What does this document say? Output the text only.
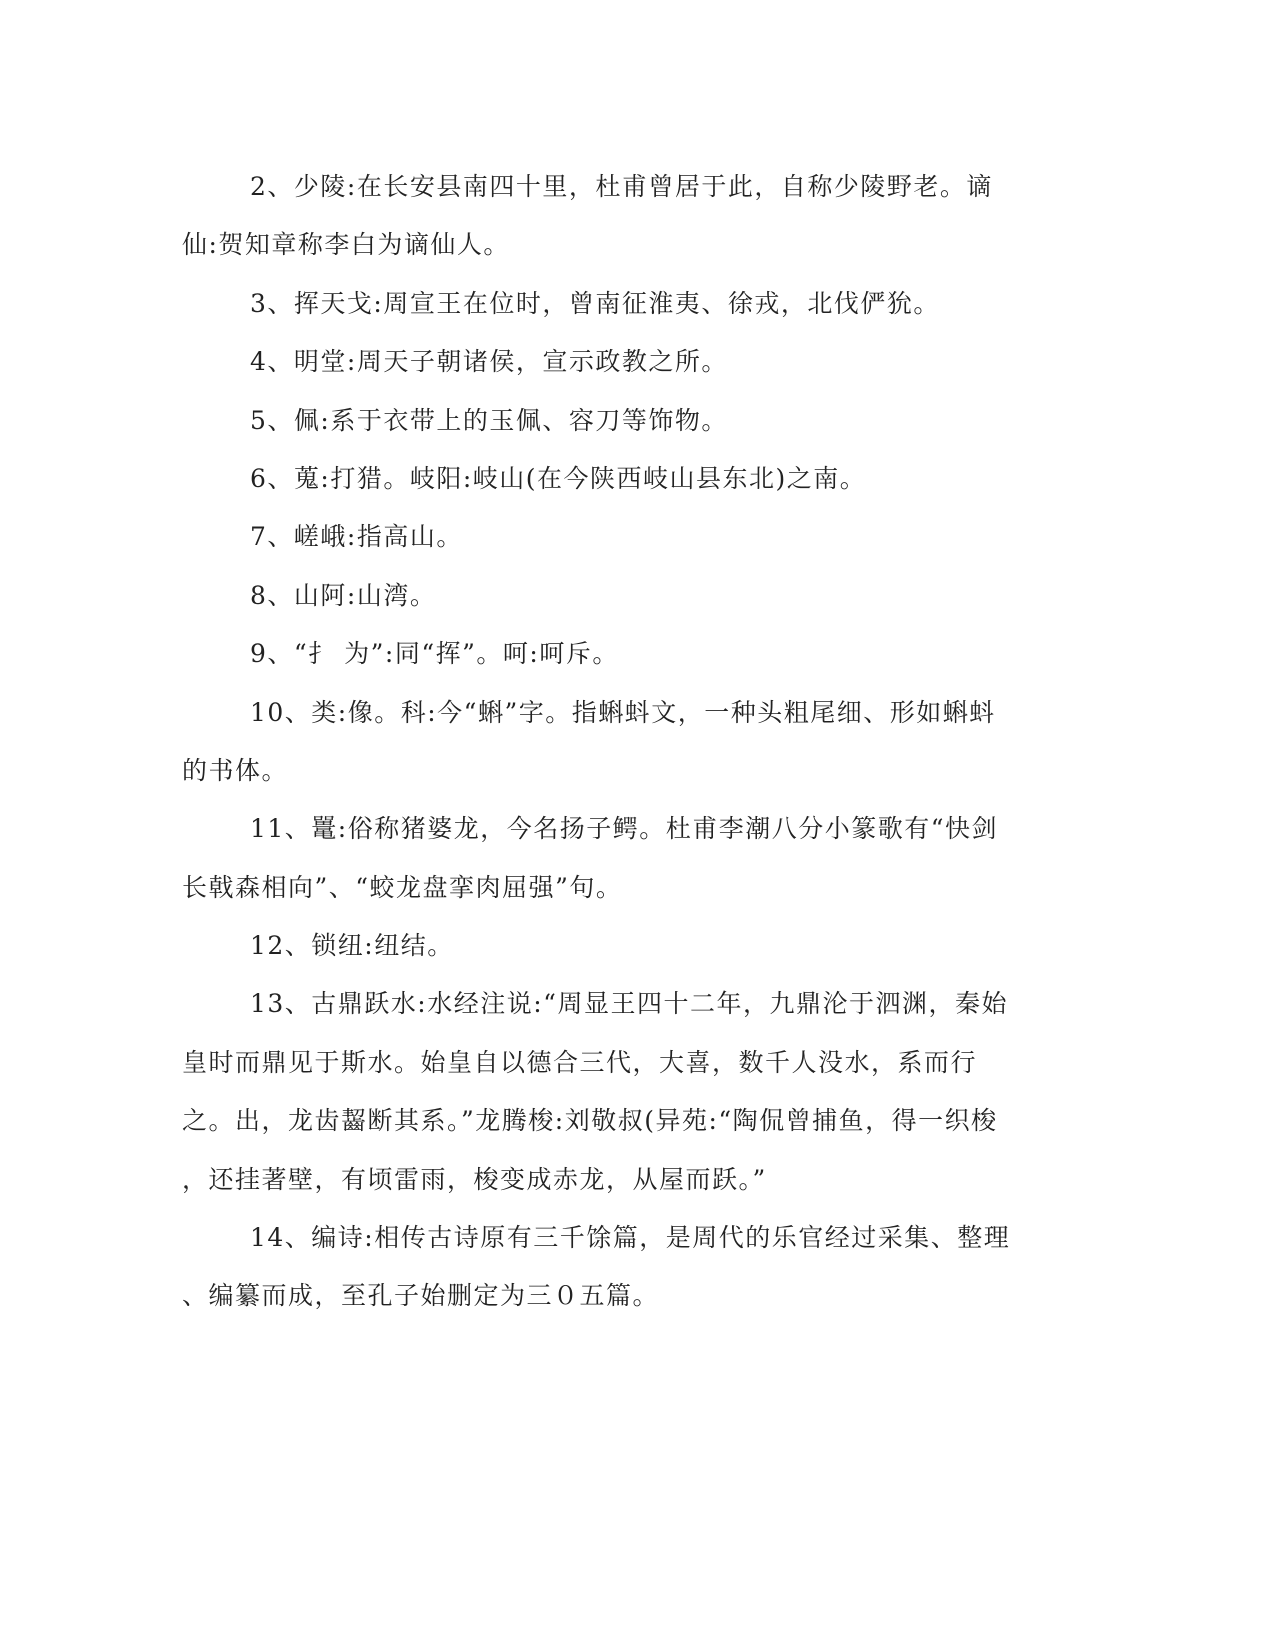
2、少陵:在长安县南四十里，杜甫曾居于此，自称少陵野老。谪
仙:贺知章称李白为谪仙人。
3、挥天戈:周宣王在位时，曾南征淮夷、徐戎，北伐俨狁。
4、明堂:周天子朝诸侯，宣示政教之所。
5、佩:系于衣带上的玉佩、容刀等饰物。
6、蒐:打猎。岐阳:岐山(在今陕西岐山县东北)之南。
7、嵯峨:指高山。
8、山阿:山湾。
9、“扌 为”:同“挥”。呵:呵斥。
10、类:像。科:今“蝌”字。指蝌蚪文，一种头粗尾细、形如蝌蚪
的书体。
11、鼍:俗称猪婆龙，今名扬子鳄。杜甫李潮八分小篆歌有“快剑
长戟森相向”、“蛟龙盘挛肉屈强”句。
12、锁纽:纽结。
13、古鼎跃水:水经注说:“周显王四十二年，九鼎沦于泗渊，秦始
皇时而鼎见于斯水。始皇自以德合三代，大喜，数千人没水，系而行
之。出，龙齿齧断其系。”龙腾梭:刘敬叔(异苑:“陶侃曾捕鱼，得一织梭
，还挂著壁，有顷雷雨，梭变成赤龙，从屋而跃。”
14、编诗:相传古诗原有三千馀篇，是周代的乐官经过采集、整理
、编纂而成，至孔子始删定为三０五篇。
